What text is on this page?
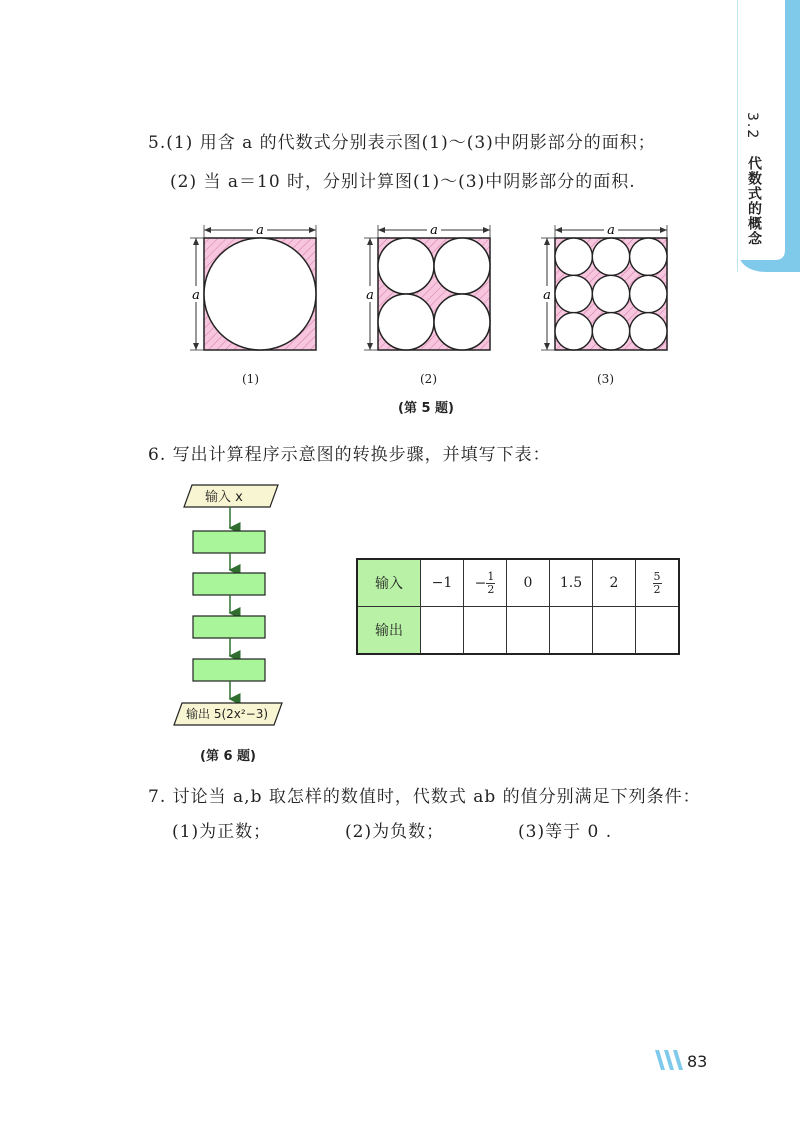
3.2
代数式的概念
5.(1) 用含 a 的代数式分别表示图(1)～(3)中阴影部分的面积；
(2) 当 a＝10 时，分别计算图(1)～(3)中阴影部分的面积.
a
a
a
a
a
a
(1)	(2)	(3)
(第 5 题)
6. 写出计算程序示意图的转换步骤，并填写下表：
输入 x
输出 5(2x²−3)
(第 6 题)
输入	−1	− $\frac{1}{2}$	0	1.5	2	$\frac{5}{2}$

输出						
7. 讨论当 a,b 取怎样的数值时，代数式 ab 的值分别满足下列条件：
(1)为正数；	(2)为负数；	(3)等于 0 .
83
